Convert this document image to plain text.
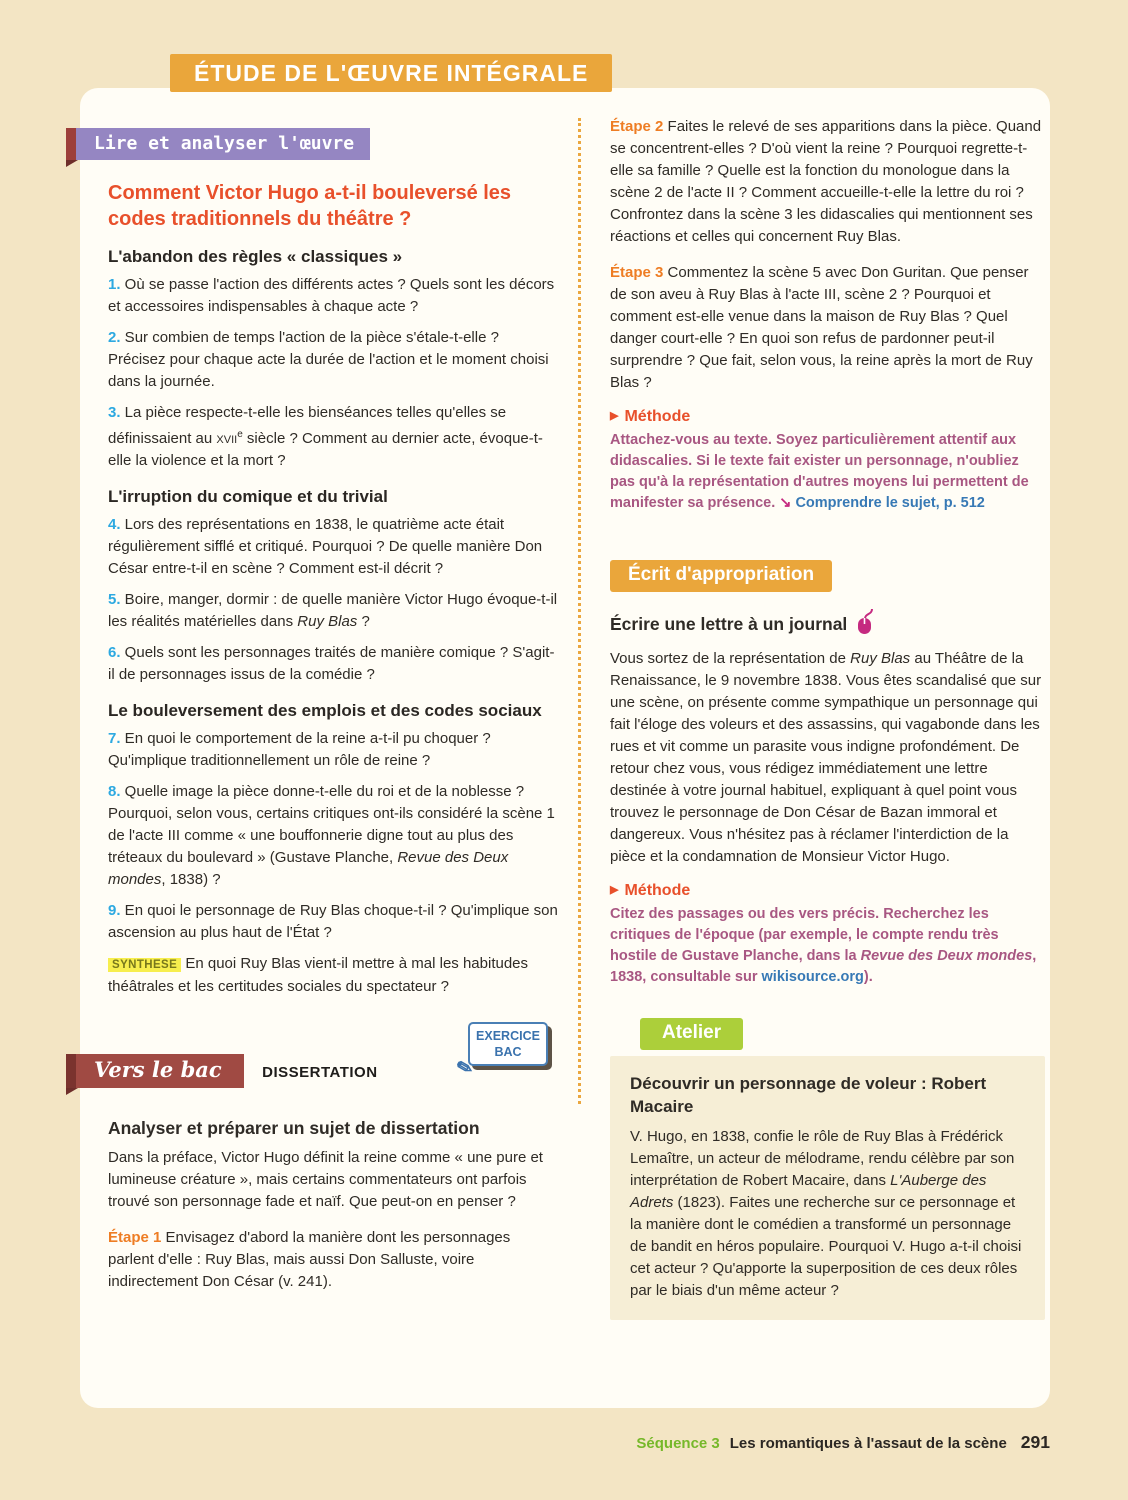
ÉTUDE DE L'ŒUVRE INTÉGRALE
Lire et analyser l'œuvre
Comment Victor Hugo a-t-il bouleversé les codes traditionnels du théâtre ?
L'abandon des règles « classiques »

1. Où se passe l'action des différents actes ? Quels sont les décors et accessoires indispensables à chaque acte ?

2. Sur combien de temps l'action de la pièce s'étale-t-elle ? Précisez pour chaque acte la durée de l'action et le moment choisi dans la journée.

3. La pièce respecte-t-elle les bienséances telles qu'elles se définissaient au xvii$^e$ siècle ? Comment au dernier acte, évoque-t-elle la violence et la mort ?

L'irruption du comique et du trivial

4. Lors des représentations en 1838, le quatrième acte était régulièrement sifflé et critiqué. Pourquoi ? De quelle manière Don César entre-t-il en scène ? Comment est-il décrit ?

5. Boire, manger, dormir : de quelle manière Victor Hugo évoque-t-il les réalités matérielles dans Ruy Blas ?

6. Quels sont les personnages traités de manière comique ? S'agit-il de personnages issus de la comédie ?

Le bouleversement des emplois et des codes sociaux

7. En quoi le comportement de la reine a-t-il pu choquer ? Qu'implique traditionnellement un rôle de reine ?

8. Quelle image la pièce donne-t-elle du roi et de la noblesse ? Pourquoi, selon vous, certains critiques ont-ils considéré la scène 1 de l'acte III comme « une bouffonnerie digne tout au plus des tréteaux du boulevard » (Gustave Planche, Revue des Deux mondes, 1838) ?

9. En quoi le personnage de Ruy Blas choque-t-il ? Qu'implique son ascension au plus haut de l'État ?

SYNTHESE En quoi Ruy Blas vient-il mettre à mal les habitudes théâtrales et les certitudes sociales du spectateur ?

Vers le bac	DISSERTATION
EXERCICE
BAC
✎
Analyser et préparer un sujet de dissertation

Dans la préface, Victor Hugo définit la reine comme « une pure et lumineuse créature », mais certains commentateurs ont parfois trouvé son personnage fade et naïf. Que peut-on en penser ?

Étape 1 Envisagez d'abord la manière dont les personnages parlent d'elle : Ruy Blas, mais aussi Don Salluste, voire indirectement Don César (v. 241).

Étape 2 Faites le relevé de ses apparitions dans la pièce. Quand se concentrent-elles ? D'où vient la reine ? Pourquoi regrette-t-elle sa famille ? Quelle est la fonction du monologue dans la scène 2 de l'acte II ? Comment accueille-t-elle la lettre du roi ? Confrontez dans la scène 3 les didascalies qui mentionnent ses réactions et celles qui concernent Ruy Blas.

Étape 3 Commentez la scène 5 avec Don Guritan. Que penser de son aveu à Ruy Blas à l'acte III, scène 2 ? Pourquoi et comment est-elle venue dans la maison de Ruy Blas ? Quel danger court-elle ? En quoi son refus de pardonner peut-il surprendre ? Que fait, selon vous, la reine après la mort de Ruy Blas ?

▶ Méthode

Attachez-vous au texte. Soyez particulièrement attentif aux didascalies. Si le texte fait exister un personnage, n'oubliez pas qu'à la représentation d'autres moyens lui permettent de manifester sa présence. ↘ Comprendre le sujet, p. 512

Écrit d'appropriation
Écrire une lettre à un journal

Vous sortez de la représentation de Ruy Blas au Théâtre de la Renaissance, le 9 novembre 1838. Vous êtes scandalisé que sur une scène, on présente comme sympathique un personnage qui fait l'éloge des voleurs et des assassins, qui vagabonde dans les rues et vit comme un parasite vous indigne profondément. De retour chez vous, vous rédigez immédiatement une lettre destinée à votre journal habituel, expliquant à quel point vous trouvez le personnage de Don César de Bazan immoral et dangereux. Vous n'hésitez pas à réclamer l'interdiction de la pièce et la condamnation de Monsieur Victor Hugo.

▶ Méthode

Citez des passages ou des vers précis. Recherchez les critiques de l'époque (par exemple, le compte rendu très hostile de Gustave Planche, dans la Revue des Deux mondes, 1838, consultable sur wikisource.org).

Atelier
Découvrir un personnage de voleur : Robert Macaire

V. Hugo, en 1838, confie le rôle de Ruy Blas à Frédérick Lemaître, un acteur de mélodrame, rendu célèbre par son interprétation de Robert Macaire, dans L'Auberge des Adrets (1823). Faites une recherche sur ce personnage et la manière dont le comédien a transformé un personnage de bandit en héros populaire. Pourquoi V. Hugo a-t-il choisi cet acteur ? Qu'apporte la superposition de ces deux rôles par le biais d'un même acteur ?

Séquence 3 Les romantiques à l'assaut de la scène 291
